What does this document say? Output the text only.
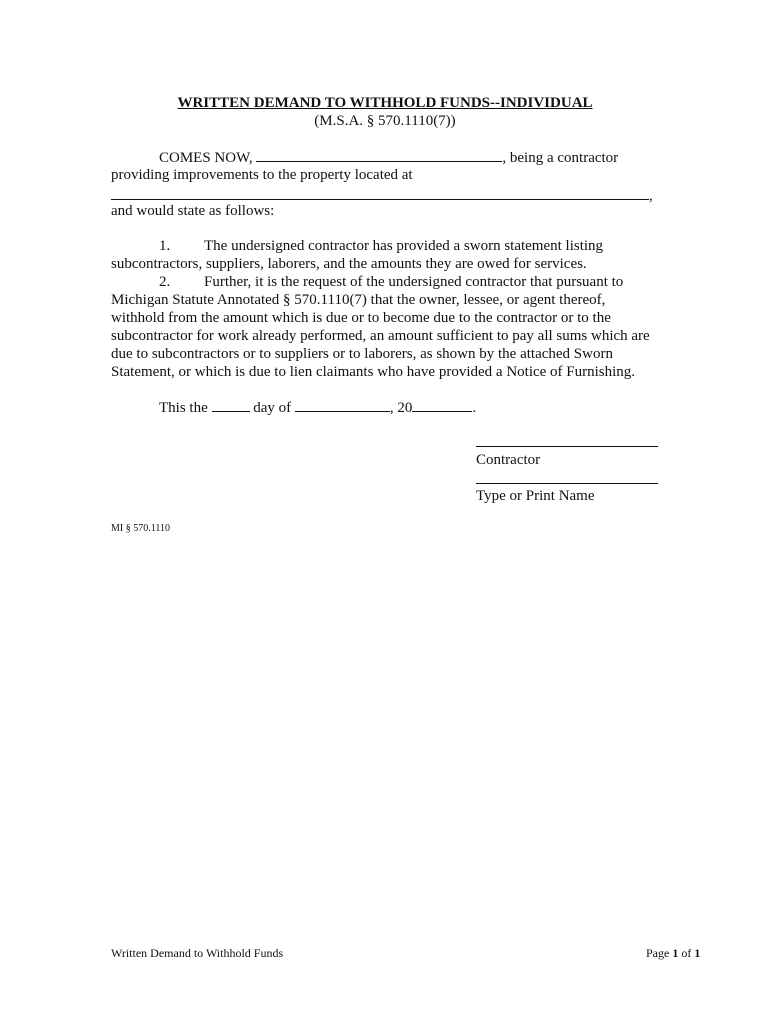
WRITTEN DEMAND TO WITHHOLD FUNDS--INDIVIDUAL
(M.S.A. § 570.1110(7))
COMES NOW,	, being a contractor
providing improvements to the property located at
,
and would state as follows:
1. The undersigned contractor has provided a sworn statement listing
subcontractors, suppliers, laborers, and the amounts they are owed for services.
2. Further, it is the request of the undersigned contractor that pursuant to
Michigan Statute Annotated § 570.1110(7) that the owner, lessee, or agent thereof,
withhold from the amount which is due or to become due to the contractor or to the
subcontractor for work already performed, an amount sufficient to pay all sums which are
due to subcontractors or to suppliers or to laborers, as shown by the attached Sworn
Statement, or which is due to lien claimants who have provided a Notice of Furnishing.
This the	day of	, 20	.
Contractor
Type or Print Name
MI § 570.1110
Written Demand to Withhold Funds	Page 1 of 1
